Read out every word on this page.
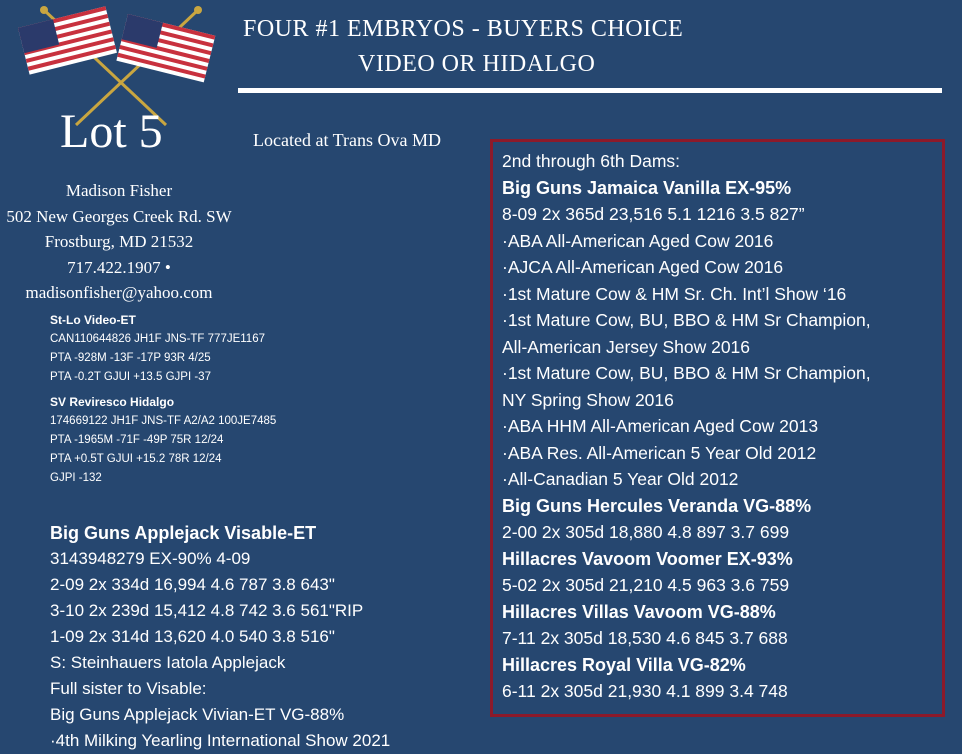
FOUR #1 EMBRYOS - BUYERS CHOICE
VIDEO OR HIDALGO
Lot 5	Located at Trans Ova MD
Madison Fisher
502 New Georges Creek Rd. SW
Frostburg, MD 21532
717.422.1907 •
madisonfisher@yahoo.com
St-Lo Video-ET
CAN110644826 JH1F JNS-TF 777JE1167
PTA -928M -13F -17P 93R 4/25
PTA -0.2T GJUI +13.5 GJPI -37
SV Reviresco Hidalgo
174669122 JH1F JNS-TF A2/A2 100JE7485
PTA -1965M -71F -49P 75R 12/24
PTA +0.5T GJUI +15.2 78R 12/24
GJPI -132
Big Guns Applejack Visable-ET
3143948279 EX-90% 4-09
2-09 2x 334d 16,994 4.6 787 3.8 643"
3-10 2x 239d 15,412 4.8 742 3.6 561"RIP
1-09 2x 314d 13,620 4.0 540 3.8 516"
S: Steinhauers Iatola Applejack
Full sister to Visable:
Big Guns Applejack Vivian-ET VG-88%
·4th Milking Yearling International Show 2021
2nd through 6th Dams:
Big Guns Jamaica Vanilla EX-95%
8-09 2x 365d 23,516 5.1 1216 3.5 827”
·ABA All-American Aged Cow 2016
·AJCA All-American Aged Cow 2016
·1st Mature Cow & HM Sr. Ch. Int’l Show ‘16
·1st Mature Cow, BU, BBO & HM Sr Champion,
All-American Jersey Show 2016
·1st Mature Cow, BU, BBO & HM Sr Champion,
NY Spring Show 2016
·ABA HHM All-American Aged Cow 2013
·ABA Res. All-American 5 Year Old 2012
·All-Canadian 5 Year Old 2012
Big Guns Hercules Veranda VG-88%
2-00 2x 305d 18,880 4.8 897 3.7 699
Hillacres Vavoom Voomer EX-93%
5-02 2x 305d 21,210 4.5 963 3.6 759
Hillacres Villas Vavoom VG-88%
7-11 2x 305d 18,530 4.6 845 3.7 688
Hillacres Royal Villa VG-82%
6-11 2x 305d 21,930 4.1 899 3.4 748
